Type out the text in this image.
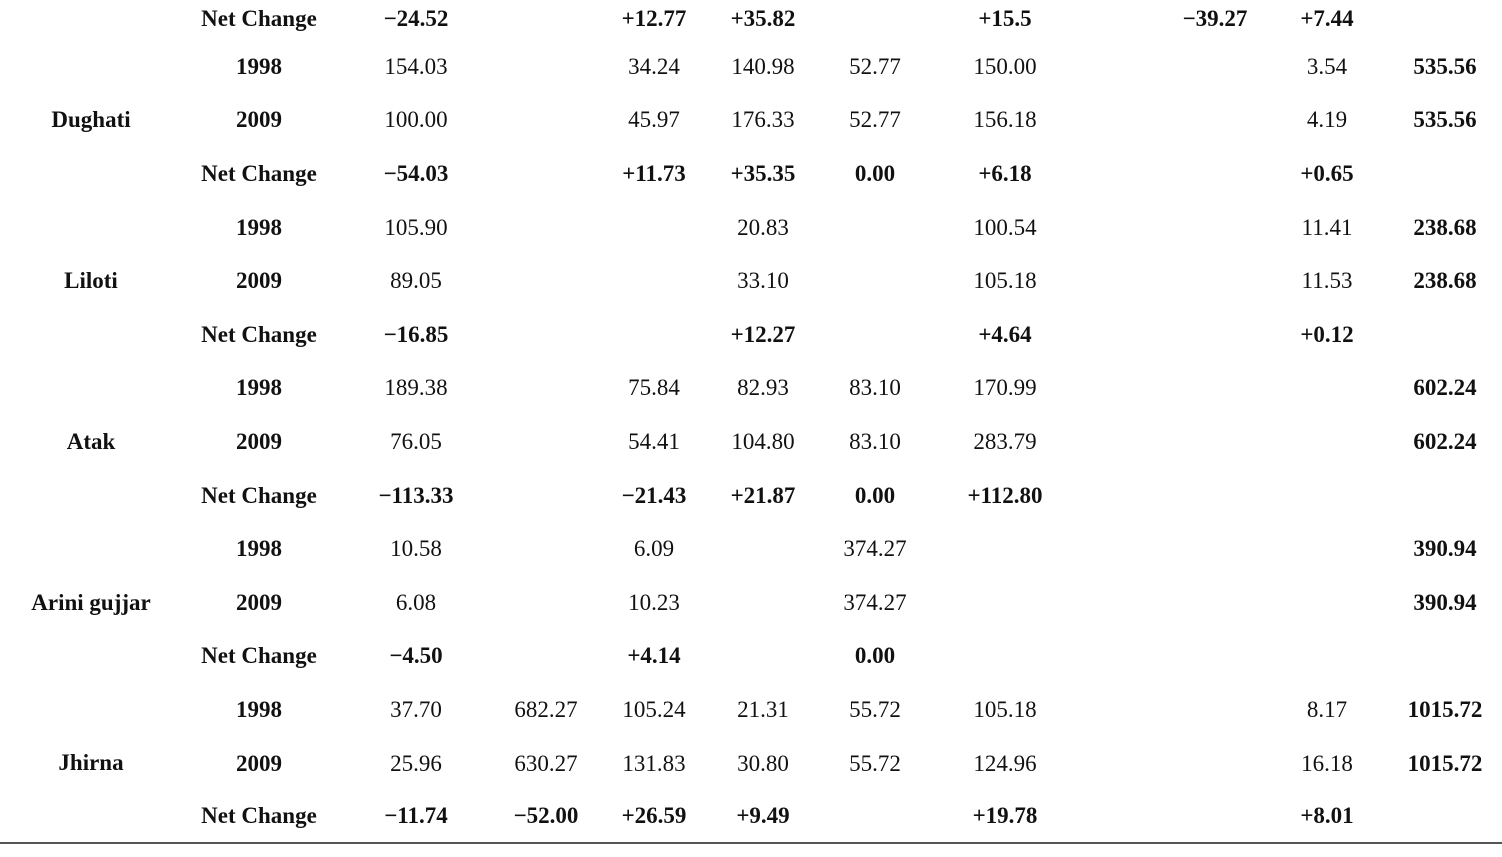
	Net Change	−24.52		+12.77	+35.82		+15.5		−39.27	+7.44	
Dughati	1998	154.03		34.24	140.98	52.77	150.00			3.54	535.56
	2009	100.00		45.97	176.33	52.77	156.18			4.19	535.56
	Net Change	−54.03		+11.73	+35.35	0.00	+6.18			+0.65	
Liloti	1998	105.90			20.83		100.54			11.41	238.68
	2009	89.05			33.10		105.18			11.53	238.68
	Net Change	−16.85			+12.27		+4.64			+0.12	
Atak	1998	189.38		75.84	82.93	83.10	170.99				602.24
	2009	76.05		54.41	104.80	83.10	283.79				602.24
	Net Change	−113.33		−21.43	+21.87	0.00	+112.80				
Arini gujjar	1998	10.58		6.09		374.27					390.94
	2009	6.08		10.23		374.27					390.94
	Net Change	−4.50		+4.14		0.00					
Jhirna	1998	37.70	682.27	105.24	21.31	55.72	105.18			8.17	1015.72
	2009	25.96	630.27	131.83	30.80	55.72	124.96			16.18	1015.72
	Net Change	−11.74	−52.00	+26.59	+9.49		+19.78			+8.01	
